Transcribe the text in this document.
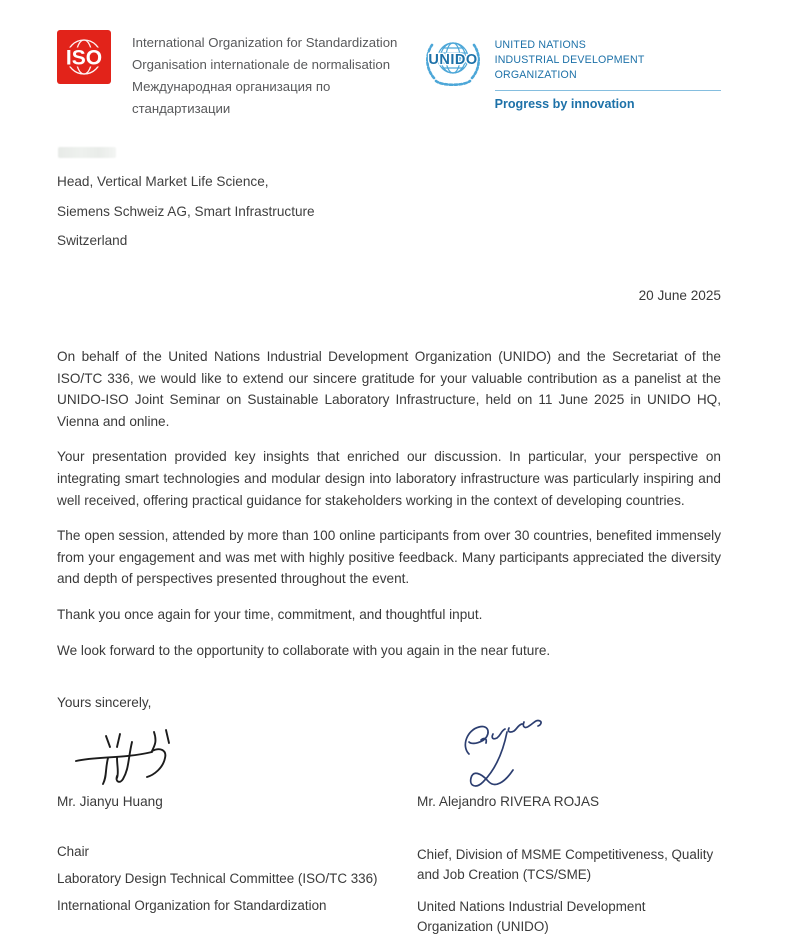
ISO
International Organization for Standardization
Organisation internationale de normalisation
Международная организация по стандартизации
UNIDO
UNITED NATIONS
INDUSTRIAL DEVELOPMENT ORGANIZATION
Progress by innovation
Head, Vertical Market Life Science,
Siemens Schweiz AG, Smart Infrastructure
Switzerland
20 June 2025

On behalf of the United Nations Industrial Development Organization (UNIDO) and the Secretariat of the ISO/TC 336, we would like to extend our sincere gratitude for your valuable contribution as a panelist at the UNIDO-ISO Joint Seminar on Sustainable Laboratory Infrastructure, held on 11 June 2025 in UNIDO HQ, Vienna and online.

Your presentation provided key insights that enriched our discussion. In particular, your perspective on integrating smart technologies and modular design into laboratory infrastructure was particularly inspiring and well received, offering practical guidance for stakeholders working in the context of developing countries.

The open session, attended by more than 100 online participants from over 30 countries, benefited immensely from your engagement and was met with highly positive feedback. Many participants appreciated the diversity and depth of perspectives presented throughout the event.

Thank you once again for your time, commitment, and thoughtful input.

We look forward to the opportunity to collaborate with you again in the near future.

Yours sincerely,
Mr. Jianyu Huang	Mr. Alejandro RIVERA ROJAS
Chair
Laboratory Design Technical Committee (ISO/TC 336)
International Organization for Standardization

Chief, Division of MSME Competitiveness, Quality and Job Creation (TCS/SME)

United Nations Industrial Development Organization (UNIDO)
